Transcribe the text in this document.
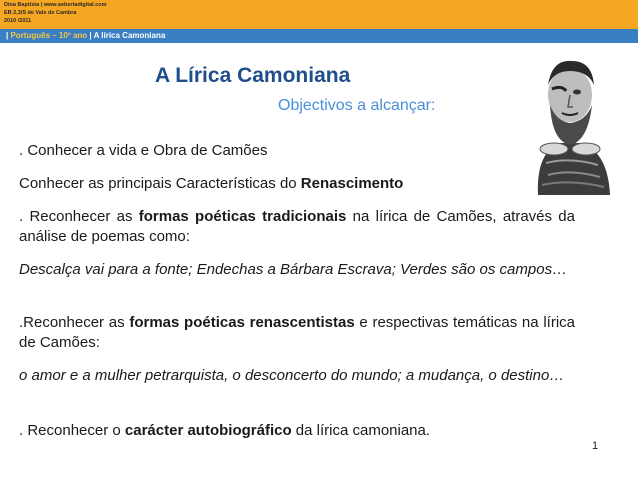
Dina Baptista | www.aebertadigital.com
EB 2,3/S de Vale de Cambra
2010 /2011
| Português – 10º ano | A lírica Camoniana
A Lírica Camoniana
Objectivos a alcançar:
. Conhecer a vida e Obra de Camões
Conhecer as principais Características do Renascimento
. Reconhecer as formas poéticas tradicionais na lírica de Camões, através da análise de poemas como:
Descalça vai para a fonte; Endechas a Bárbara Escrava; Verdes são os campos…
.Reconhecer as formas poéticas renascentistas e respectivas temáticas na lírica de Camões:
o amor e a mulher petrarquista, o desconcerto do mundo; a mudança, o destino…
. Reconhecer o carácter autobiográfico da lírica camoniana.
1
